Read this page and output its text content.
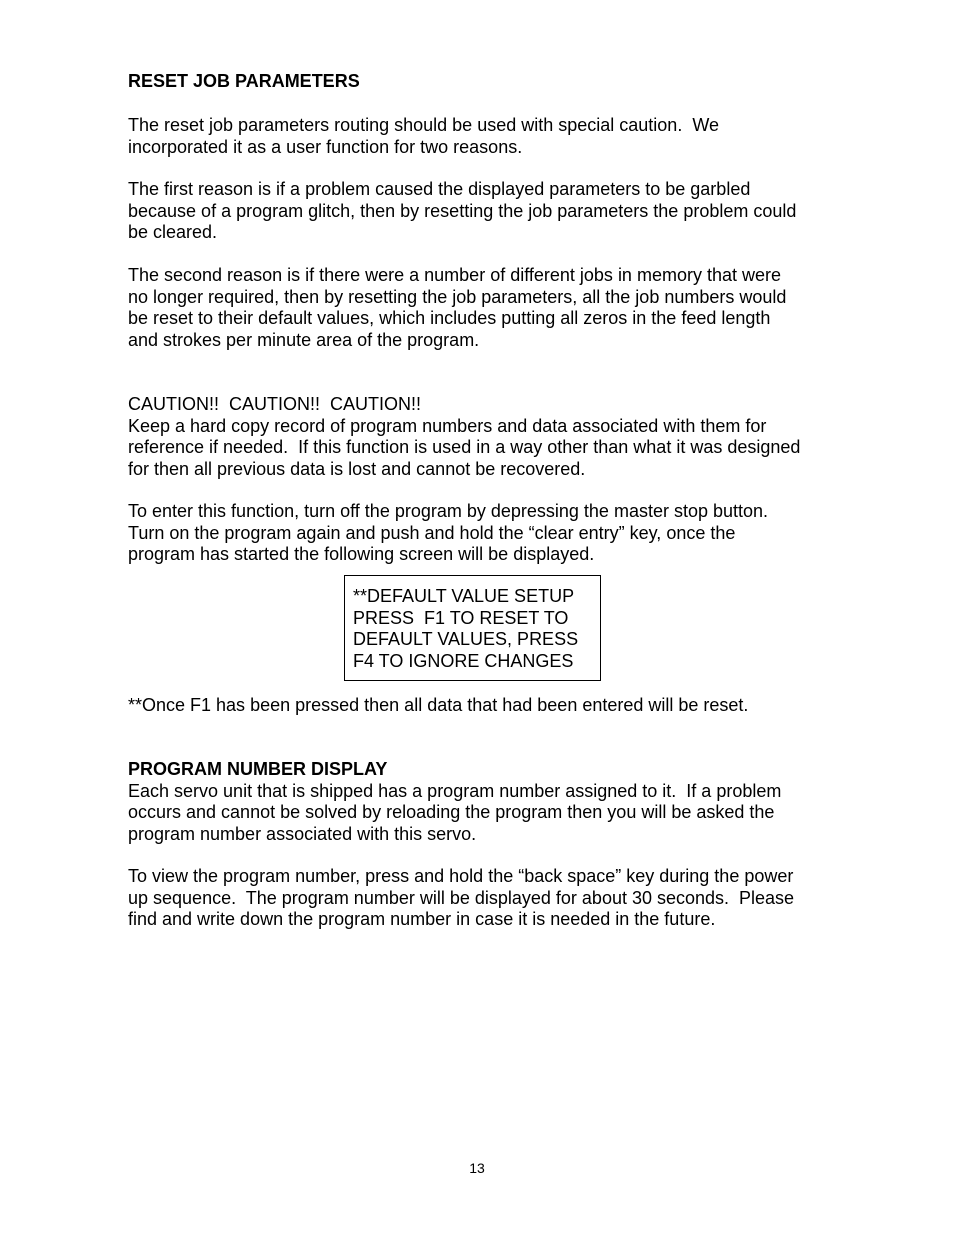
RESET JOB PARAMETERS
The reset job parameters routing should be used with special caution.  We
incorporated it as a user function for two reasons.
The first reason is if a problem caused the displayed parameters to be garbled
because of a program glitch, then by resetting the job parameters the problem could
be cleared.
The second reason is if there were a number of different jobs in memory that were
no longer required, then by resetting the job parameters, all the job numbers would
be reset to their default values, which includes putting all zeros in the feed length
and strokes per minute area of the program.
CAUTION!!  CAUTION!!  CAUTION!!
Keep a hard copy record of program numbers and data associated with them for
reference if needed.  If this function is used in a way other than what it was designed
for then all previous data is lost and cannot be recovered.
To enter this function, turn off the program by depressing the master stop button.
Turn on the program again and push and hold the “clear entry” key, once the
program has started the following screen will be displayed.
**DEFAULT VALUE SETUP
PRESS  F1 TO RESET TO
DEFAULT VALUES, PRESS
F4 TO IGNORE CHANGES
**Once F1 has been pressed then all data that had been entered will be reset.
PROGRAM NUMBER DISPLAY
Each servo unit that is shipped has a program number assigned to it.  If a problem
occurs and cannot be solved by reloading the program then you will be asked the
program number associated with this servo.
To view the program number, press and hold the “back space” key during the power
up sequence.  The program number will be displayed for about 30 seconds.  Please
find and write down the program number in case it is needed in the future.
13
